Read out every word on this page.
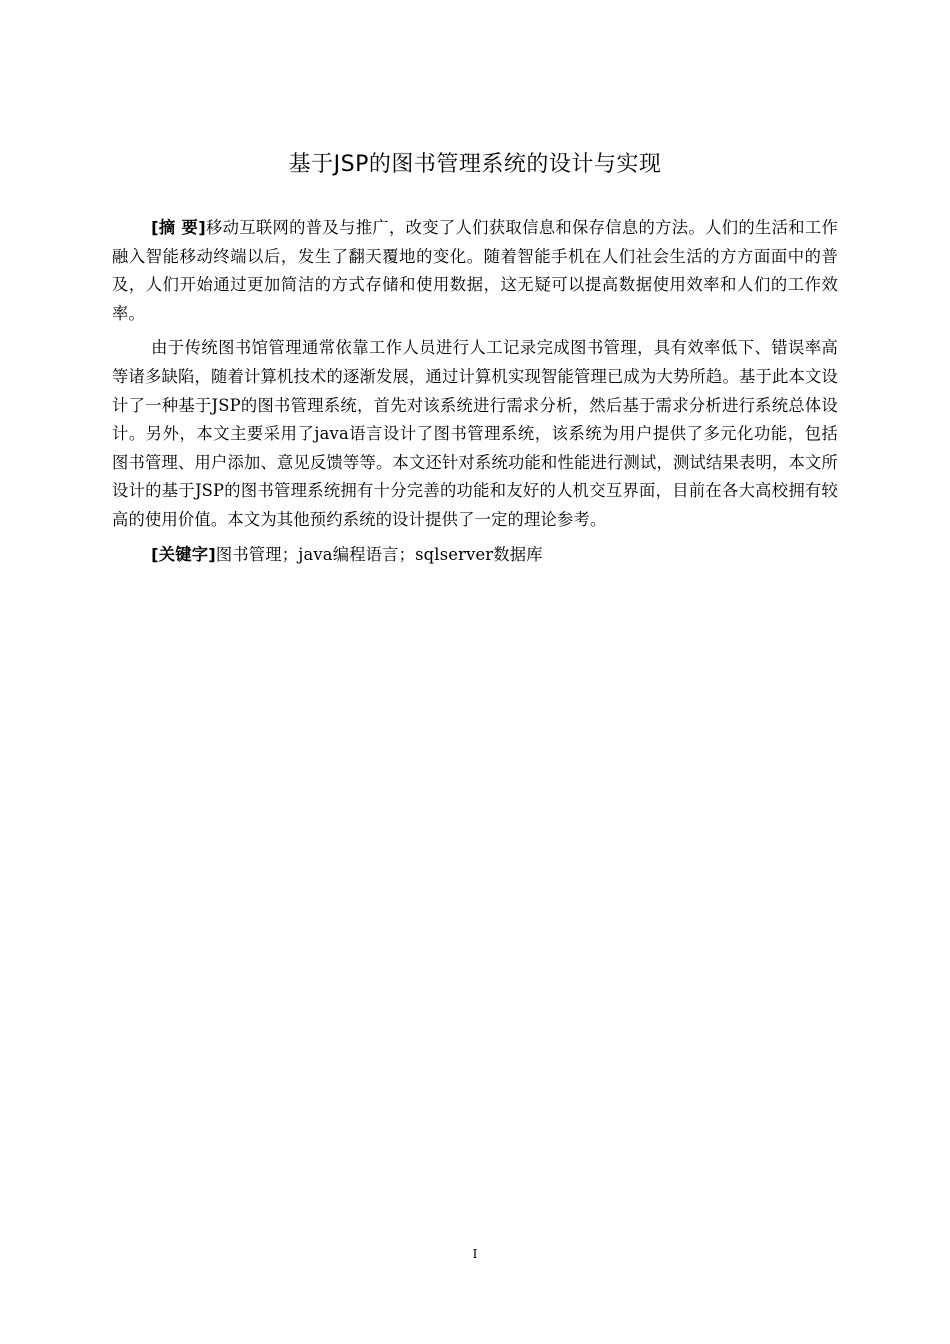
基于JSP的图书管理系统的设计与实现

[摘 要]移动互联网的普及与推广，改变了人们获取信息和保存信息的方法。人们的生活和工作融入智能移动终端以后，发生了翻天覆地的变化。随着智能手机在人们社会生活的方方面面中的普及，人们开始通过更加简洁的方式存储和使用数据，这无疑可以提高数据使用效率和人们的工作效率。

由于传统图书馆管理通常依靠工作人员进行人工记录完成图书管理，具有效率低下、错误率高等诸多缺陷，随着计算机技术的逐渐发展，通过计算机实现智能管理已成为大势所趋。基于此本文设计了一种基于JSP的图书管理系统，首先对该系统进行需求分析，然后基于需求分析进行系统总体设计。另外，本文主要采用了java语言设计了图书管理系统，该系统为用户提供了多元化功能，包括图书管理、用户添加、意见反馈等等。本文还针对系统功能和性能进行测试，测试结果表明，本文所设计的基于JSP的图书管理系统拥有十分完善的功能和友好的人机交互界面，目前在各大高校拥有较高的使用价值。本文为其他预约系统的设计提供了一定的理论参考。

[关键字]图书管理；java编程语言；sqlserver数据库

I
